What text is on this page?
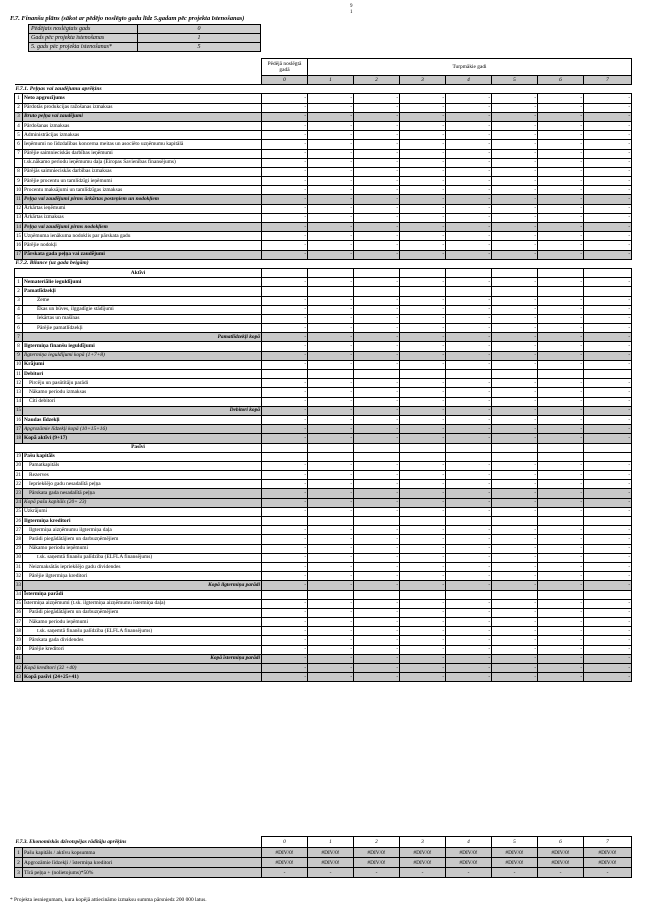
9
1
F.7. Finanšu plāns (sākot ar pēdējo noslēgto gadu līdz 5.gadam pēc projekta īstenošanas)
Pēdējais noslēgtais gads	0
Gads pēc projekta īstenošanas	1
5. gads pēc projekta īstenošanas*	5
		Pēdējā noslēgtā gadā	Turpmākie gadi						
		0	1	2	3	4	5	6	7
F.7.1. Peļņas vai zaudējumu aprēķins									
1	Neto apgrozījums	-	-	-	-	-	-	-	-
2	Pārdotās produkcijas ražošanas izmaksas	-	-	-	-	-	-	-	-
3	Bruto peļņa vai zaudējumi	-	-	-	-	-	-	-	-
4	Pārdošanas izmaksas	-	-	-	-	-	-	-	-
5	Administrācijas izmaksas	-	-	-	-	-	-	-	-
6	Ieņēmumi no līdzdalības koncerna meitas un asociēto uzņēmumu kapitālā	-	-	-	-	-	-	-	-
7	Pārējie saimnieciskās darbības ieņēmumi	-	-	-	-	-	-	-	-
	t.sk.nākamo periodu ieņēmumu daļa (Eiropas Savienības finansējums)	-	-	-	-	-	-	-	-
8	Pārējās saimnieciskās darbības izmaksas	-	-	-	-	-	-	-	-
9	Pārējie procentu un tamlīdzīgi ieņēmumi	-	-	-	-	-	-	-	-
10	Procentu maksājumi un tamlīdzīgas izmaksas	-	-	-	-	-	-	-	-
11	Peļņa vai zaudējumi pirms ārkārtas posteņiem un nodokļiem	-	-	-	-	-	-	-	-
12	Ārkārtas ieņēmumi	-	-	-	-	-	-	-	-
13	Ārkārtas izmaksas	-	-	-	-	-	-	-	-
14	Peļņa vai zaudējumi pirms nodokļiem	-	-	-	-	-	-	-	-
15	Uzņēmuma ienākuma nodoklis par pārskata gadu	-	-	-	-	-	-	-	-
16	Pārējie nodokļi	-	-	-	-	-	-	-	-
17	Pārskata gada peļņa vai zaudējumi	-	-	-	-	-	-	-	-
F.7.2. Bilance (uz gada beigām)									
Aktīvi									
1	Nemateriālie ieguldījumi	-	-	-	-	-	-	-	-
2	Pamatlīdzekļi								
3	Zeme	-	-	-	-	-	-	-	-
4	Ēkas un būves, ilggadīgie stādījumi	-	-	-	-	-	-	-	-
5	Iekārtas un mašīnas	-	-	-	-	-	-	-	-
6	Pārējie pamatlīdzekļi	-	-	-	-	-	-	-	-
7	Pamatlīdzekļi kopā	-	-	-	-	-	-	-	-
8	Ilgtermiņa finanšu ieguldījumi	-	-	-	-	-	-	-	-
9	Ilgtermiņa ieguldījumi kopā (1+7+8)	-	-	-	-	-	-	-	-
10	Krājumi	-	-	-	-	-	-	-	-
11	Debitori								
12	Pircēju un pasūtītāju parādi	-	-	-	-	-	-	-	-
13	Nākamo periodu izmaksas	-	-	-	-	-	-	-	-
14	Citi debitori	-	-	-	-	-	-	-	-
15	Debitori kopā	-	-	-	-	-	-	-	-
16	Naudas līdzekļi	-	-	-	-	-	-	-	-
17	Apgrozāmie līdzekļi kopā (10+15+16)	-	-	-	-	-	-	-	-
18	Kopā aktīvi (9+17)	-	-	-	-	-	-	-	-
Pasīvi									
19	Pašu kapitāls								
20	Pamatkapitāls	-	-	-	-	-	-	-	-
21	Rezerves	-	-	-	-	-	-	-	-
22	Iepriekšējo gadu nesadalītā peļņa	-	-	-	-	-	-	-	-
23	Pārskata gada nesadalītā peļņa	-	-	-	-	-	-	-	-
24	Kopā pašu kapitāls (20+ 23)	-	-	-	-	-	-	-	-
25	Uzkrājumi	-	-	-	-	-	-	-	-
26	Ilgtermiņa kreditori								
27	Ilgtermiņa aizņēmumu ilgtermiņa daļa	-	-	-	-	-	-	-	-
28	Parādi piegādātājiem un darbuzņēmējiem	-	-	-	-	-	-	-	-
29	Nākamo periodu ieņēmumi	-	-	-	-	-	-	-	-
30	t.sk. saņemtā finanšu palīdzība (ELFLA finansējums)	-	-	-	-	-	-	-	-
31	Neizmaksātās iepriekšējo gadu dividendes	-	-	-	-	-	-	-	-
32	Pārējie ilgtermiņa kreditori	-	-	-	-	-	-	-	-
33	Kopā ilgtermiņa parādi	-	-	-	-	-	-	-	-
34	Īstermiņa parādi								
35	Īstermiņa aizņēmumi (t.sk. ilgtermiņa aizņēmumu īstermiņa daļa)	-	-	-	-	-	-	-	-
36	Parādi piegādātājiem un darbuzņēmējiem	-	-	-	-	-	-	-	-
37	Nākamo periodu ieņēmumi	-	-	-	-	-	-	-	-
38	t.sk. saņemtā finanšu palīdzība (ELFLA finansējums)	-	-	-	-	-	-	-	-
39	Pārskata gada dividendes	-	-	-	-	-	-	-	-
40	Pārējie kreditori	-	-	-	-	-	-	-	-
41	Kopā īstermiņa parādi	-	-	-	-	-	-	-	-
42	Kopā kreditori (32 +40)	-	-	-	-	-	-	-	-
43	Kopā pasīvi (24+25+41)	-	-	-	-	-	-	-	-
F.7.3. Ekonomiskās dzīvotspējas rādītāju aprēķins		0	1	2	3	4	5	6	7
1	Pašu kapitāls / aktīvu kopsumma	#DIV/0!	#DIV/0!	#DIV/0!	#DIV/0!	#DIV/0!	#DIV/0!	#DIV/0!	#DIV/0!
2	Apgrozāmie līdzekļi / īstermiņa kreditori	#DIV/0!	#DIV/0!	#DIV/0!	#DIV/0!	#DIV/0!	#DIV/0!	#DIV/0!	#DIV/0!
3	Tīrā peļņa + (nolietojums)*50%	-	-	-	-	-	-	-	-
* Projekta iesniegumam, kura kopējā attiecināmo izmaksu summa pārsniedz 200 000 latus.
